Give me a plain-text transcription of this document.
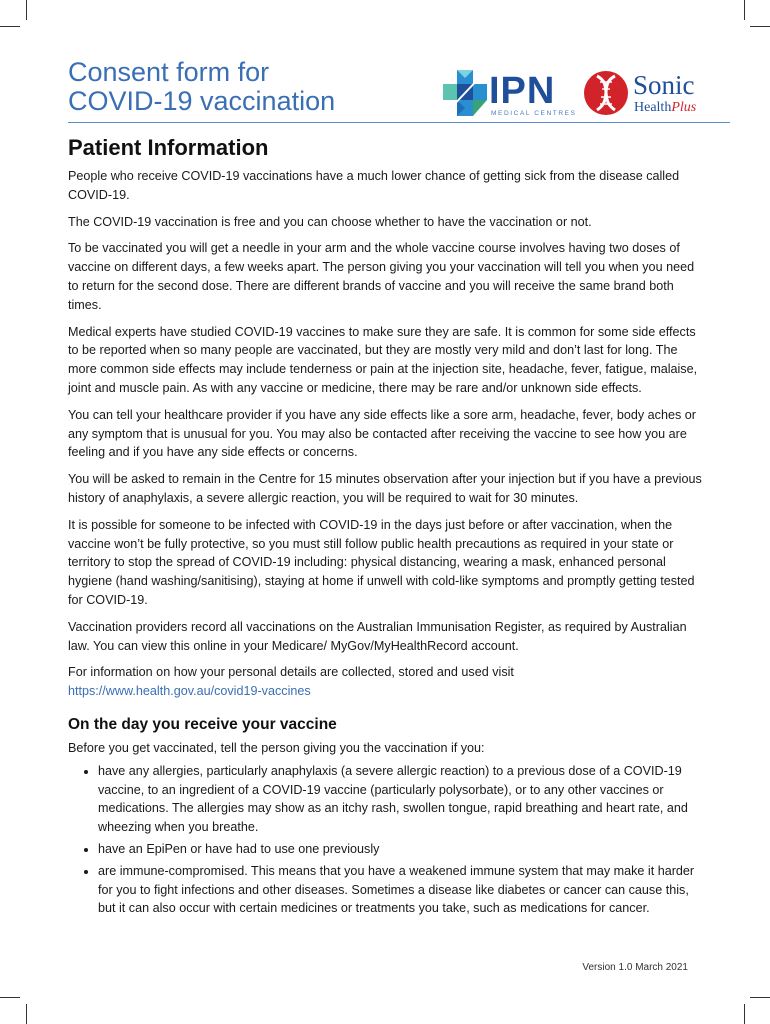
Consent form for
COVID-19 vaccination	IPN
MEDICAL CENTRES
Sonic
HealthPlus
Patient Information

People who receive COVID-19 vaccinations have a much lower chance of getting sick from the disease called COVID-19.

The COVID-19 vaccination is free and you can choose whether to have the vaccination or not.

To be vaccinated you will get a needle in your arm and the whole vaccine course involves having two doses of vaccine on different days, a few weeks apart. The person giving you your vaccination will tell you when you need to return for the second dose. There are different brands of vaccine and you will receive the same brand both times.

Medical experts have studied COVID-19 vaccines to make sure they are safe. It is common for some side effects to be reported when so many people are vaccinated, but they are mostly very mild and don’t last for long. The more common side effects may include tenderness or pain at the injection site, headache, fever, fatigue, malaise, joint and muscle pain. As with any vaccine or medicine, there may be rare and/or unknown side effects.

You can tell your healthcare provider if you have any side effects like a sore arm, headache, fever, body aches or any symptom that is unusual for you. You may also be contacted after receiving the vaccine to see how you are feeling and if you have any side effects or concerns.

You will be asked to remain in the Centre for 15 minutes observation after your injection but if you have a previous history of anaphylaxis, a severe allergic reaction, you will be required to wait for 30 minutes.

It is possible for someone to be infected with COVID-19 in the days just before or after vaccination, when the vaccine won’t be fully protective, so you must still follow public health precautions as required in your state or territory to stop the spread of COVID-19 including: physical distancing, wearing a mask, enhanced personal hygiene (hand washing/sanitising), staying at home if unwell with cold-like symptoms and promptly getting tested for COVID-19.

Vaccination providers record all vaccinations on the Australian Immunisation Register, as required by Australian law. You can view this online in your Medicare/ MyGov/MyHealthRecord account.

For information on how your personal details are collected, stored and used visit
https://www.health.gov.au/covid19-vaccines

On the day you receive your vaccine

Before you get vaccinated, tell the person giving you the vaccination if you:

• have any allergies, particularly anaphylaxis (a severe allergic reaction) to a previous dose of a COVID-19 vaccine, to an ingredient of a COVID-19 vaccine (particularly polysorbate), or to any other vaccines or medications. The allergies may show as an itchy rash, swollen tongue, rapid breathing and heart rate, and wheezing when you breathe.
• have an EpiPen or have had to use one previously
• are immune-compromised. This means that you have a weakened immune system that may make it harder for you to fight infections and other diseases. Sometimes a disease like diabetes or cancer can cause this, but it can also occur with certain medicines or treatments you take, such as medications for cancer.
Version 1.0 March 2021
